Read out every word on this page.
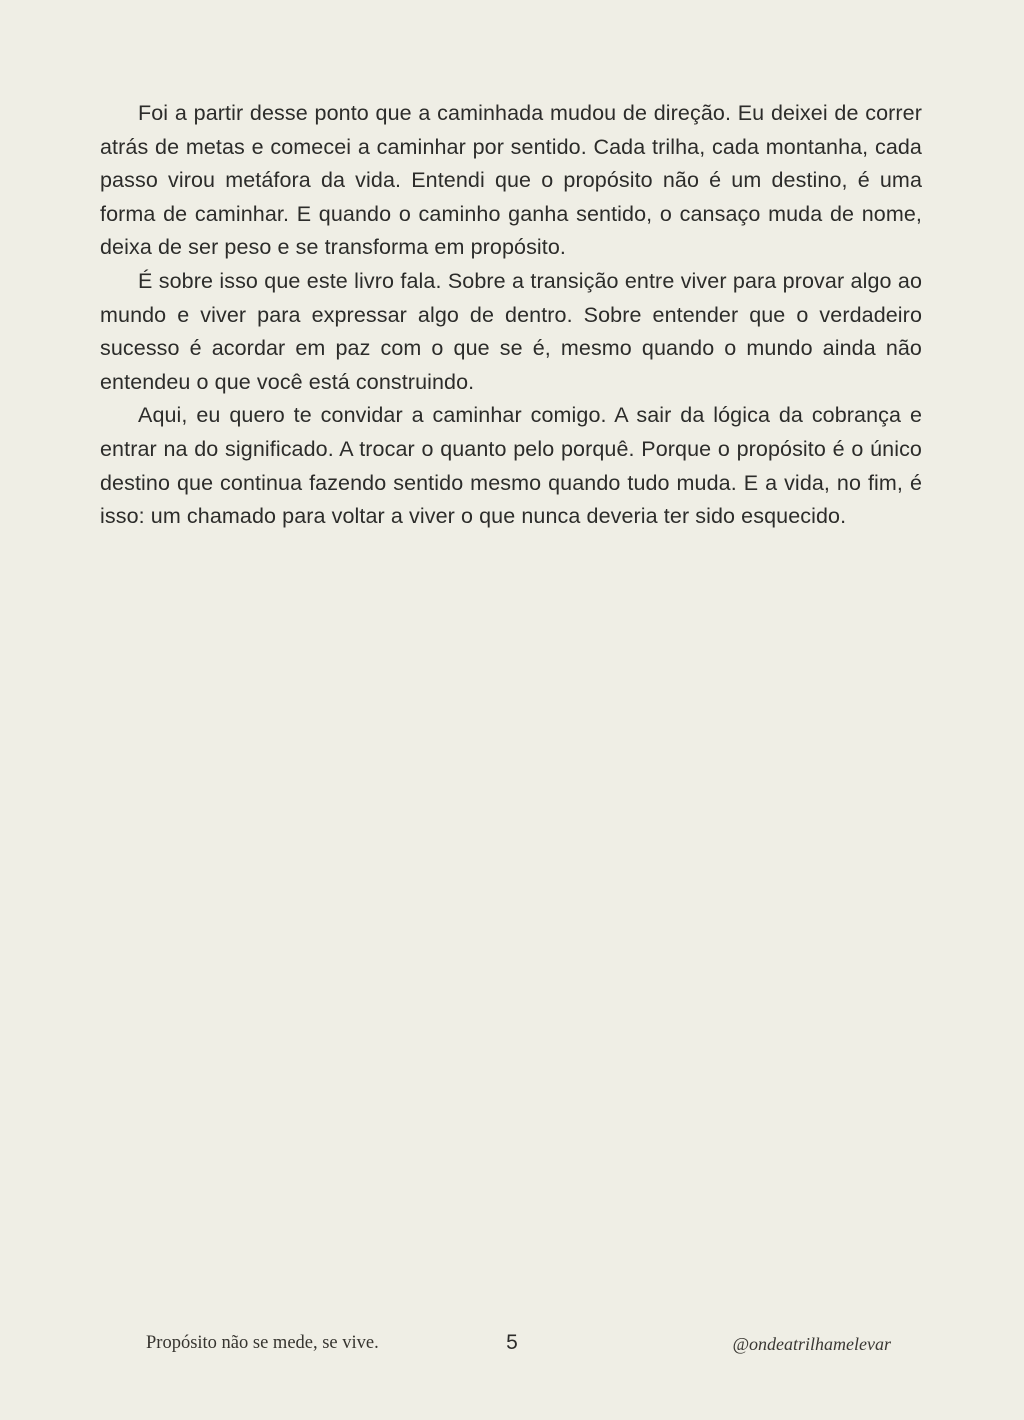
Foi a partir desse ponto que a caminhada mudou de direção. Eu deixei de correr atrás de metas e comecei a caminhar por sentido. Cada trilha, cada montanha, cada passo virou metáfora da vida. Entendi que o propósito não é um destino, é uma forma de caminhar. E quando o caminho ganha sentido, o cansaço muda de nome, deixa de ser peso e se transforma em propósito.

É sobre isso que este livro fala. Sobre a transição entre viver para provar algo ao mundo e viver para expressar algo de dentro. Sobre entender que o verdadeiro sucesso é acordar em paz com o que se é, mesmo quando o mundo ainda não entendeu o que você está construindo.

Aqui, eu quero te convidar a caminhar comigo. A sair da lógica da cobrança e entrar na do significado. A trocar o quanto pelo porquê. Porque o propósito é o único destino que continua fazendo sentido mesmo quando tudo muda. E a vida, no fim, é isso: um chamado para voltar a viver o que nunca deveria ter sido esquecido.

Propósito não se mede, se vive.	5	@ondeatrilhamelevar
